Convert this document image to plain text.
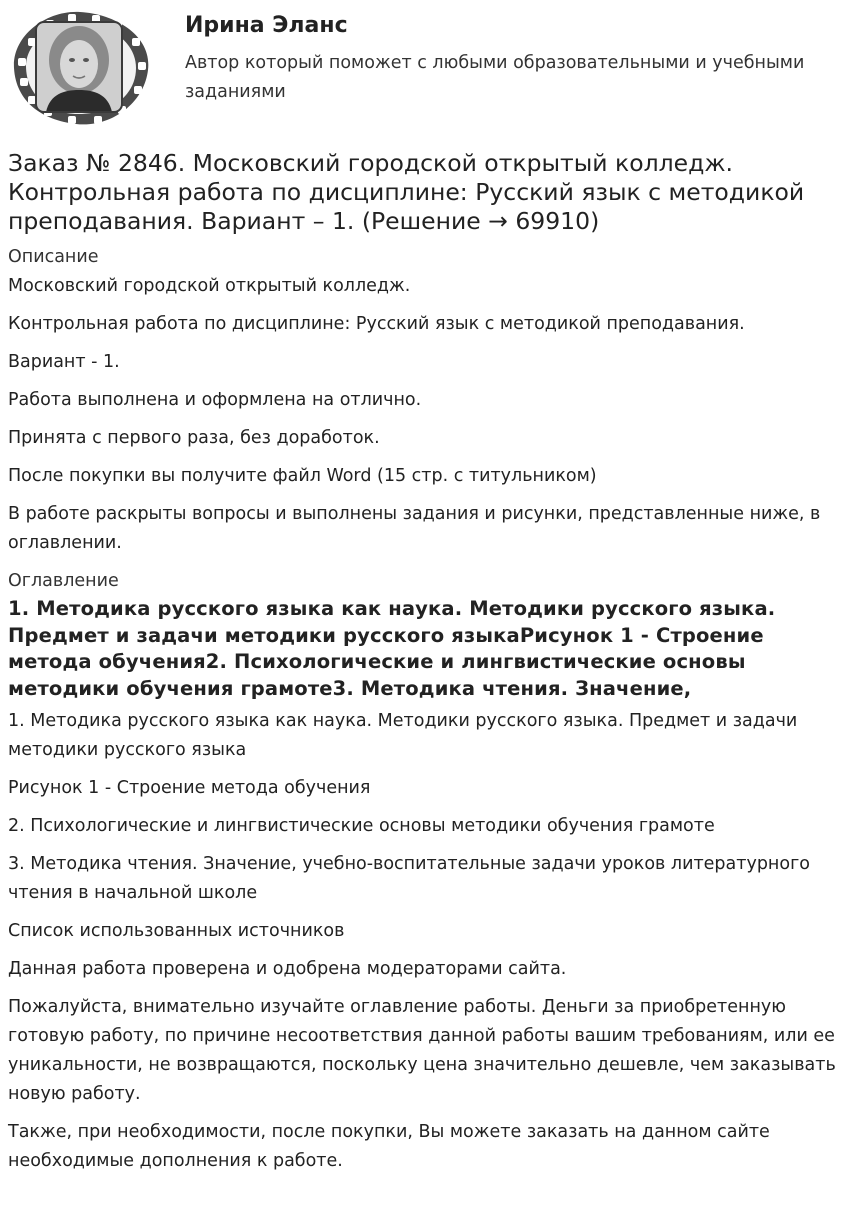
Ирина Эланс
Автор который поможет с любыми образовательными и учебными заданиями
Заказ № 2846. Московский городской открытый колледж. Контрольная работа по дисциплине: Русский язык с методикой преподавания. Вариант – 1. (Решение → 69910)
Описание

Московский городской открытый колледж.

Контрольная работа по дисциплине: Русский язык с методикой преподавания.

Вариант - 1.

Работа выполнена и оформлена на отлично.

Принята с первого раза, без доработок.

После покупки вы получите файл Word (15 стр. с титульником)

В работе раскрыты вопросы и выполнены задания и рисунки, представленные ниже, в оглавлении.

Оглавление
1. Методика русского языка как наука. Методики русского языка. Предмет и задачи методики русского языкаРисунок 1 - Строение метода обучения2. Психологические и лингвистические основы методики обучения грамоте3. Методика чтения. Значение,

1. Методика русского языка как наука. Методики русского языка. Предмет и задачи методики русского языка

Рисунок 1 - Строение метода обучения

2. Психологические и лингвистические основы методики обучения грамоте

3. Методика чтения. Значение, учебно-воспитательные задачи уроков литературного чтения в начальной школе

Список использованных источников

Данная работа проверена и одобрена модераторами сайта.

Пожалуйста, внимательно изучайте оглавление работы. Деньги за приобретенную готовую работу, по причине несоответствия данной работы вашим требованиям, или ее уникальности, не возвращаются, поскольку цена значительно дешевле, чем заказывать новую работу.

Также, при необходимости, после покупки, Вы можете заказать на данном сайте необходимые дополнения к работе.
